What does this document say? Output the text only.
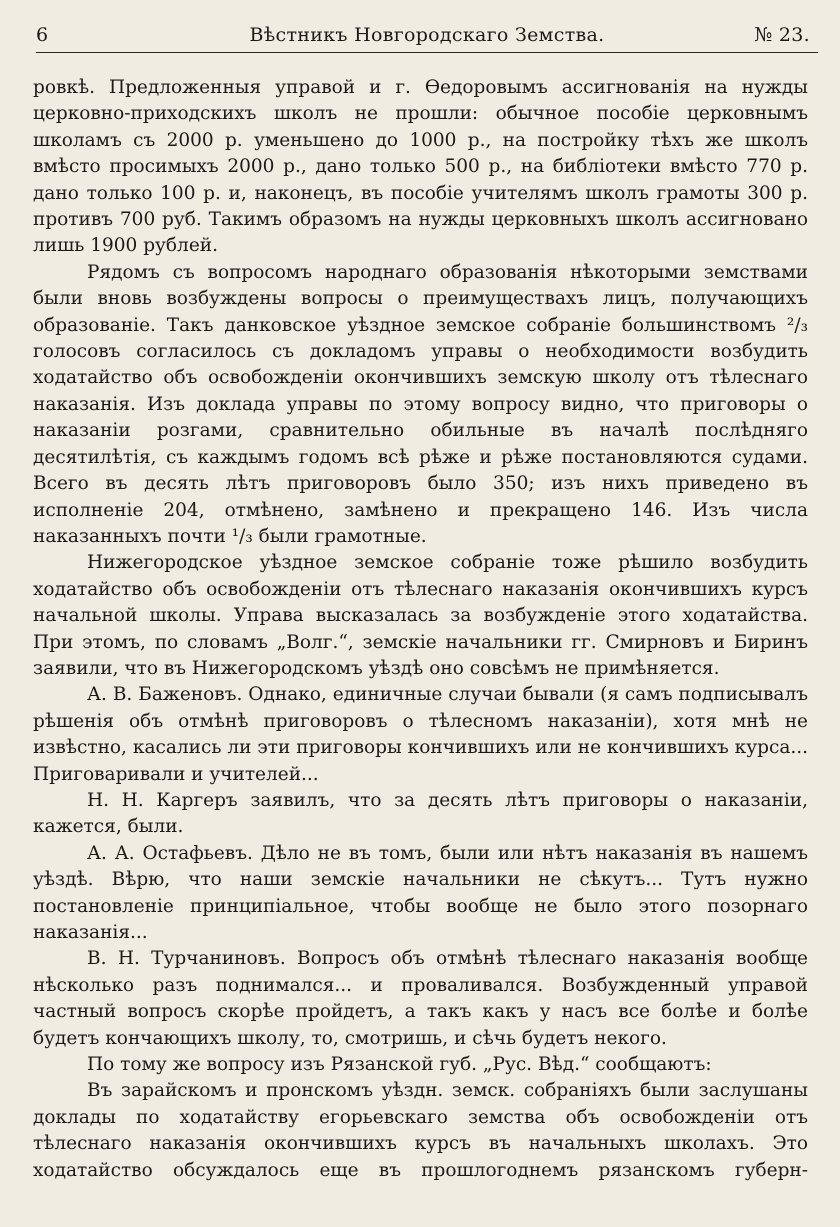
6	Вѣстникъ Новгородскаго Земства.	№ 23.

ровкѣ. Предложенныя управой и г. Ѳедоровымъ ассигнованія на нужды церковно-приходскихъ школъ не прошли: обычное пособіе церковнымъ школамъ съ 2000 р. уменьшено до 1000 р., на постройку тѣхъ же школъ вмѣсто просимыхъ 2000 р., дано только 500 р., на библіотеки вмѣсто 770 р. дано только 100 р. и, наконецъ, въ пособіе учителямъ школъ грамоты 300 р. противъ 700 руб. Такимъ образомъ на нужды церковныхъ школъ ассигновано лишь 1900 рублей.

Рядомъ съ вопросомъ народнаго образованія нѣкоторыми земствами были вновь возбуждены вопросы о преимуществахъ лицъ, получающихъ образованіе. Такъ данковское уѣздное земское собраніе большинствомъ ²/₃ голосовъ согласилось съ докладомъ управы о необходимости возбудить ходатайство объ освобожденіи окончившихъ земскую школу отъ тѣлеснаго наказанія. Изъ доклада управы по этому вопросу видно, что приговоры о наказаніи розгами, сравнительно обильные въ началѣ послѣдняго десятилѣтія, съ каждымъ годомъ всѣ рѣже и рѣже постановляются судами. Всего въ десять лѣтъ приговоровъ было 350; изъ нихъ приведено въ исполненіе 204, отмѣнено, замѣнено и прекращено 146. Изъ числа наказанныхъ почти ¹/₃ были грамотные.

Нижегородское уѣздное земское собраніе тоже рѣшило возбудить ходатайство объ освобожденіи отъ тѣлеснаго наказанія окончившихъ курсъ начальной школы. Управа высказалась за возбужденіе этого ходатайства. При этомъ, по словамъ „Волг.“, земскіе начальники гг. Смирновъ и Биринъ заявили, что въ Нижегородскомъ уѣздѣ оно совсѣмъ не примѣняется.

А. В. Баженовъ. Однако, единичные случаи бывали (я самъ подписывалъ рѣшенія объ отмѣнѣ приговоровъ о тѣлесномъ наказаніи), хотя мнѣ не извѣстно, касались ли эти приговоры кончившихъ или не кончившихъ курса... Приговаривали и учителей...

Н. Н. Каргеръ заявилъ, что за десять лѣтъ приговоры о наказаніи, кажется, были.

А. А. Остафьевъ. Дѣло не въ томъ, были или нѣтъ наказанія въ нашемъ уѣздѣ. Вѣрю, что наши земскіе начальники не сѣкутъ... Тутъ нужно постановленіе принципіальное, чтобы вообще не было этого позорнаго наказанія...

В. Н. Турчаниновъ. Вопросъ объ отмѣнѣ тѣлеснаго наказанія вообще нѣсколько разъ поднимался... и проваливался. Возбужденный управой частный вопросъ скорѣе пройдетъ, а такъ какъ у насъ все болѣе и болѣе будетъ кончающихъ школу, то, смотришь, и сѣчь будетъ некого.

По тому же вопросу изъ Рязанской губ. „Рус. Вѣд.“ сообщаютъ:

Въ зарайскомъ и пронскомъ уѣздн. земск. собраніяхъ были заслушаны доклады по ходатайству егорьевскаго земства объ освобожденіи отъ тѣлеснаго наказанія окончившихъ курсъ въ начальныхъ школахъ. Это ходатайство обсуждалось еще въ прошлогоднемъ рязанскомъ губерн-
